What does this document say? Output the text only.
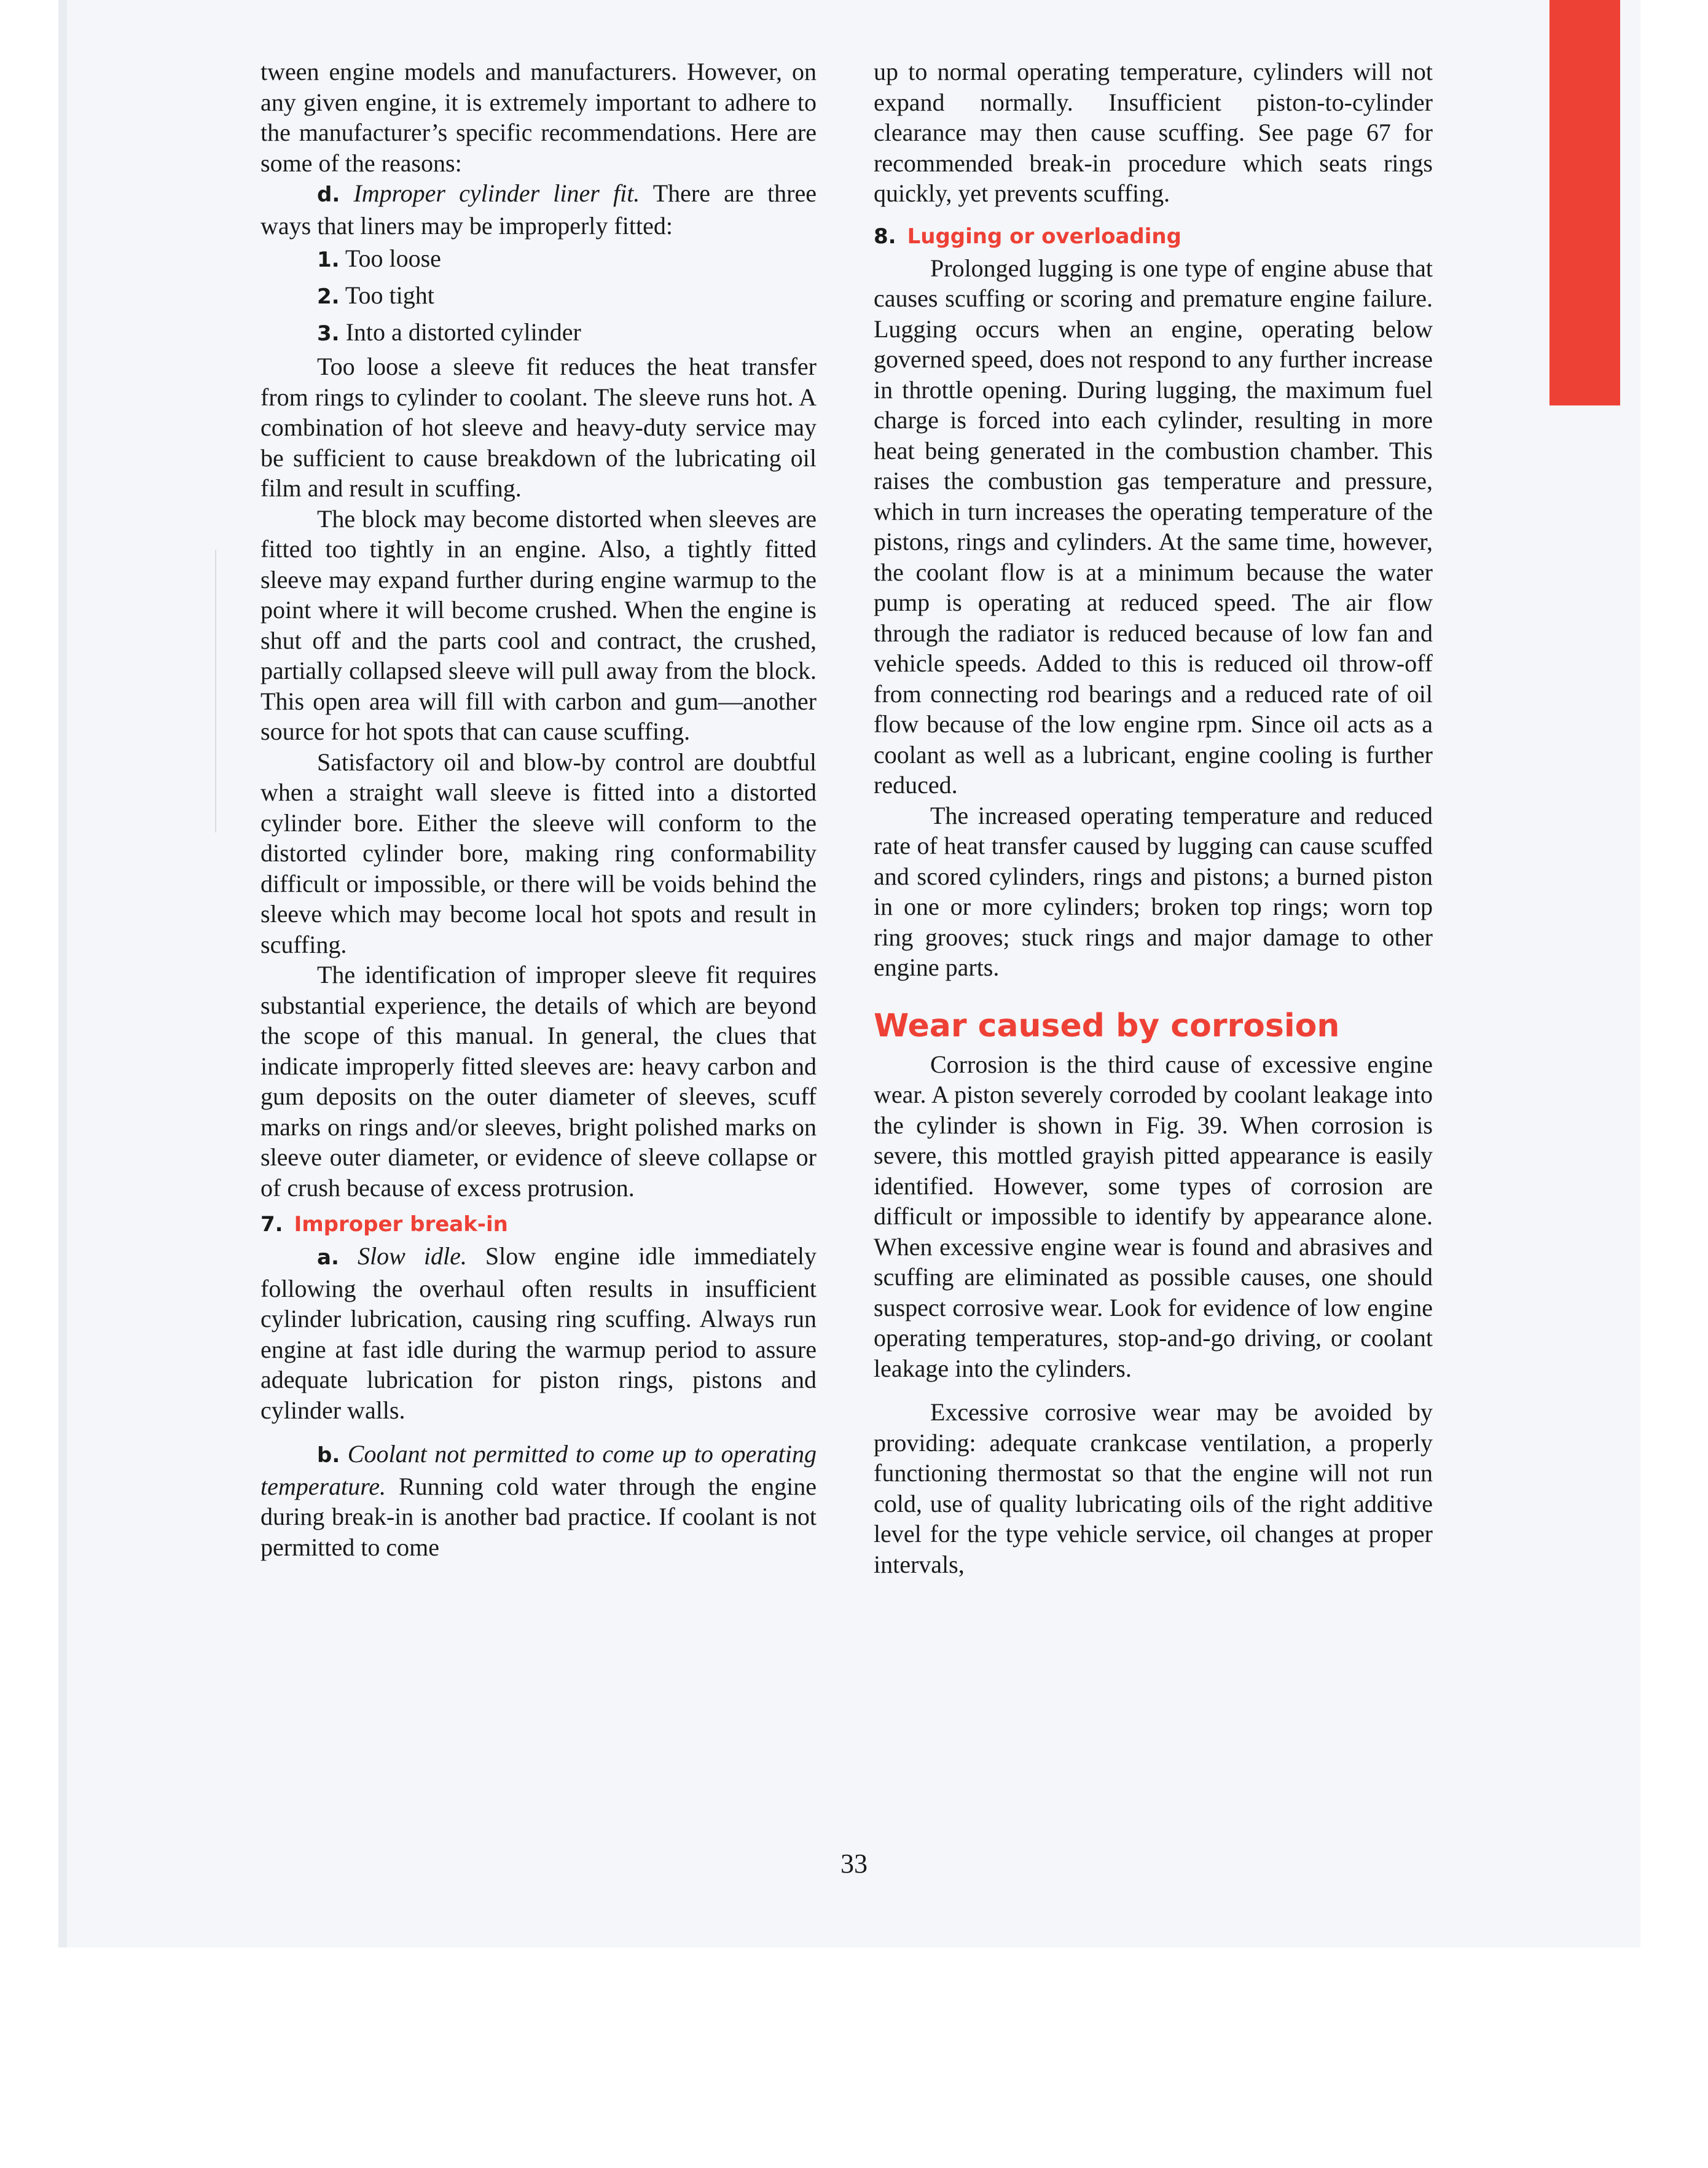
tween engine models and manufacturers. However, on any given engine, it is extremely important to adhere to the manufacturer’s specific recommendations. Here are some of the reasons:

d. Improper cylinder liner fit. There are three ways that liners may be improperly fitted:

1. Too loose
2. Too tight
3. Into a distorted cylinder

Too loose a sleeve fit reduces the heat transfer from rings to cylinder to coolant. The sleeve runs hot. A combination of hot sleeve and heavy-duty service may be sufficient to cause breakdown of the lubricating oil film and result in scuffing.

The block may become distorted when sleeves are fitted too tightly in an engine. Also, a tightly fitted sleeve may expand further during engine warmup to the point where it will become crushed. When the engine is shut off and the parts cool and contract, the crushed, partially collapsed sleeve will pull away from the block. This open area will fill with carbon and gum—another source for hot spots that can cause scuffing.

Satisfactory oil and blow-by control are doubtful when a straight wall sleeve is fitted into a distorted cylinder bore. Either the sleeve will conform to the distorted cylinder bore, making ring conformability difficult or impossible, or there will be voids behind the sleeve which may become local hot spots and result in scuffing.

The identification of improper sleeve fit requires substantial experience, the details of which are beyond the scope of this manual. In general, the clues that indicate improperly fitted sleeves are: heavy carbon and gum deposits on the outer diameter of sleeves, scuff marks on rings and/or sleeves, bright polished marks on sleeve outer diameter, or evidence of sleeve collapse or of crush because of excess protrusion.

7. Improper break-in

a. Slow idle. Slow engine idle immediately following the overhaul often results in insufficient cylinder lubrication, causing ring scuffing. Always run engine at fast idle during the warmup period to assure adequate lubrication for piston rings, pistons and cylinder walls.

b. Coolant not permitted to come up to operating temperature. Running cold water through the engine during break-in is another bad practice. If coolant is not permitted to come

up to normal operating temperature, cylinders will not expand normally. Insufficient piston-to-cylinder clearance may then cause scuffing. See page 67 for recommended break-in procedure which seats rings quickly, yet prevents scuffing.

8. Lugging or overloading

Prolonged lugging is one type of engine abuse that causes scuffing or scoring and premature engine failure. Lugging occurs when an engine, operating below governed speed, does not respond to any further increase in throttle opening. During lugging, the maximum fuel charge is forced into each cylinder, resulting in more heat being generated in the combustion chamber. This raises the combustion gas temperature and pressure, which in turn increases the operating temperature of the pistons, rings and cylinders. At the same time, however, the coolant flow is at a minimum because the water pump is operating at reduced speed. The air flow through the radiator is reduced because of low fan and vehicle speeds. Added to this is reduced oil throw-off from connecting rod bearings and a reduced rate of oil flow because of the low engine rpm. Since oil acts as a coolant as well as a lubricant, engine cooling is further reduced.

The increased operating temperature and reduced rate of heat transfer caused by lugging can cause scuffed and scored cylinders, rings and pistons; a burned piston in one or more cylinders; broken top rings; worn top ring grooves; stuck rings and major damage to other engine parts.

Wear caused by corrosion

Corrosion is the third cause of excessive engine wear. A piston severely corroded by coolant leakage into the cylinder is shown in Fig. 39. When corrosion is severe, this mottled grayish pitted appearance is easily identified. However, some types of corrosion are difficult or impossible to identify by appearance alone. When excessive engine wear is found and abrasives and scuffing are eliminated as possible causes, one should suspect corrosive wear. Look for evidence of low engine operating temperatures, stop-and-go driving, or coolant leakage into the cylinders.

Excessive corrosive wear may be avoided by providing: adequate crankcase ventilation, a properly functioning thermostat so that the engine will not run cold, use of quality lubricating oils of the right additive level for the type vehicle service, oil changes at proper intervals,

33
